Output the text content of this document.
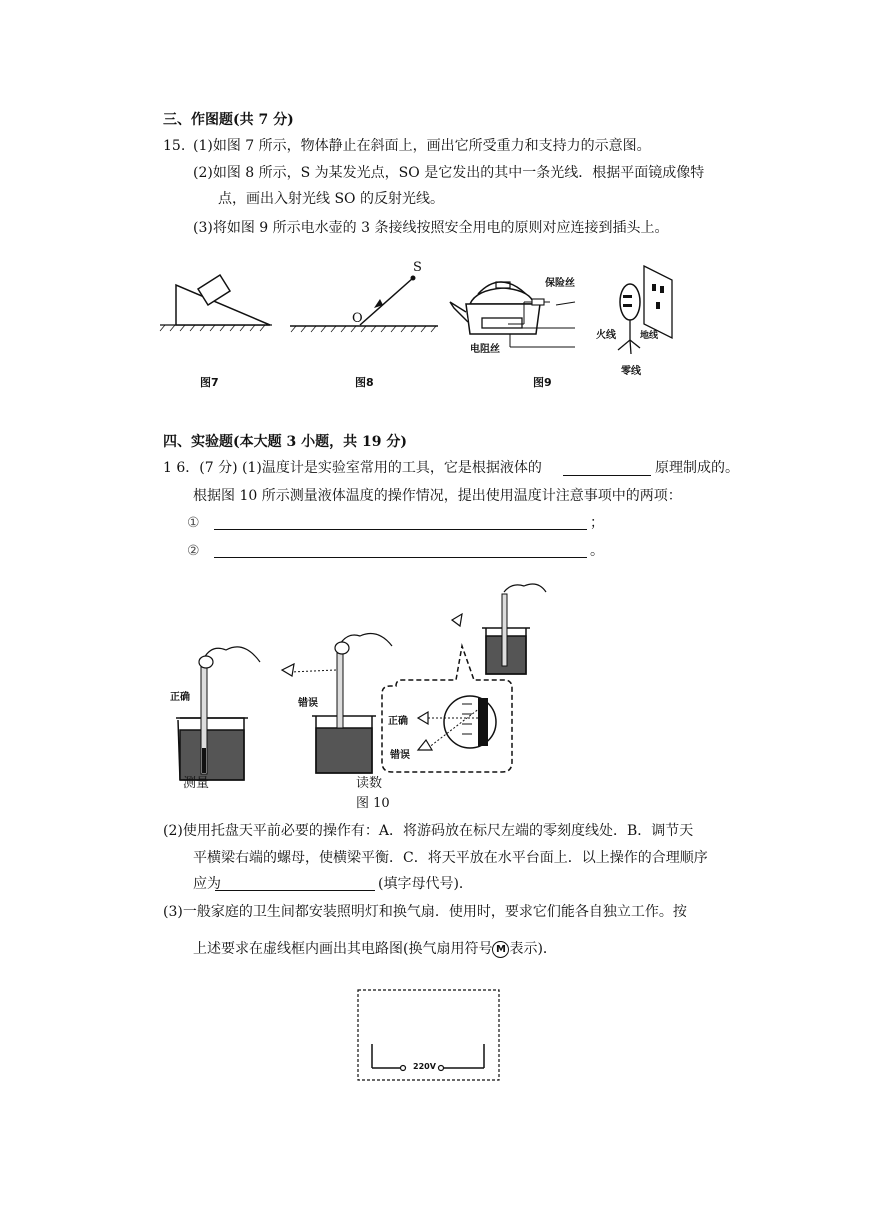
三、作图题(共 7 分)
15. (1)如图 7 所示，物体静止在斜面上，画出它所受重力和支持力的示意图。
(2)如图 8 所示，S 为某发光点，SO 是它发出的其中一条光线．根据平面镜成像特
点，画出入射光线 SO 的反射光线。
(3)将如图 9 所示电水壶的 3 条接线按照安全用电的原则对应连接到插头上。
S
O
保险丝
电阻丝
火线	地线
零线
图7	图8	图9
四、实验题(本大题 3 小题，共 19 分)
1 6．(7 分) (1)温度计是实验室常用的工具，它是根据液体的	原理制成的。
根据图 10 所示测量液体温度的操作情况，提出使用温度计注意事项中的两项：
①	；
②	。
正确
错误
正确
错误
测量	读数
图 10
(2)使用托盘天平前必要的操作有：A．将游码放在标尺左端的零刻度线处．B．调节天
平横梁右端的螺母，使横梁平衡．C．将天平放在水平台面上．以上操作的合理顺序
应为	(填字母代号)．
(3)一般家庭的卫生间都安装照明灯和换气扇．使用时，要求它们能各自独立工作。按
上述要求在虚线框内画出其电路图(换气扇用符号 M 表示)．
220V
